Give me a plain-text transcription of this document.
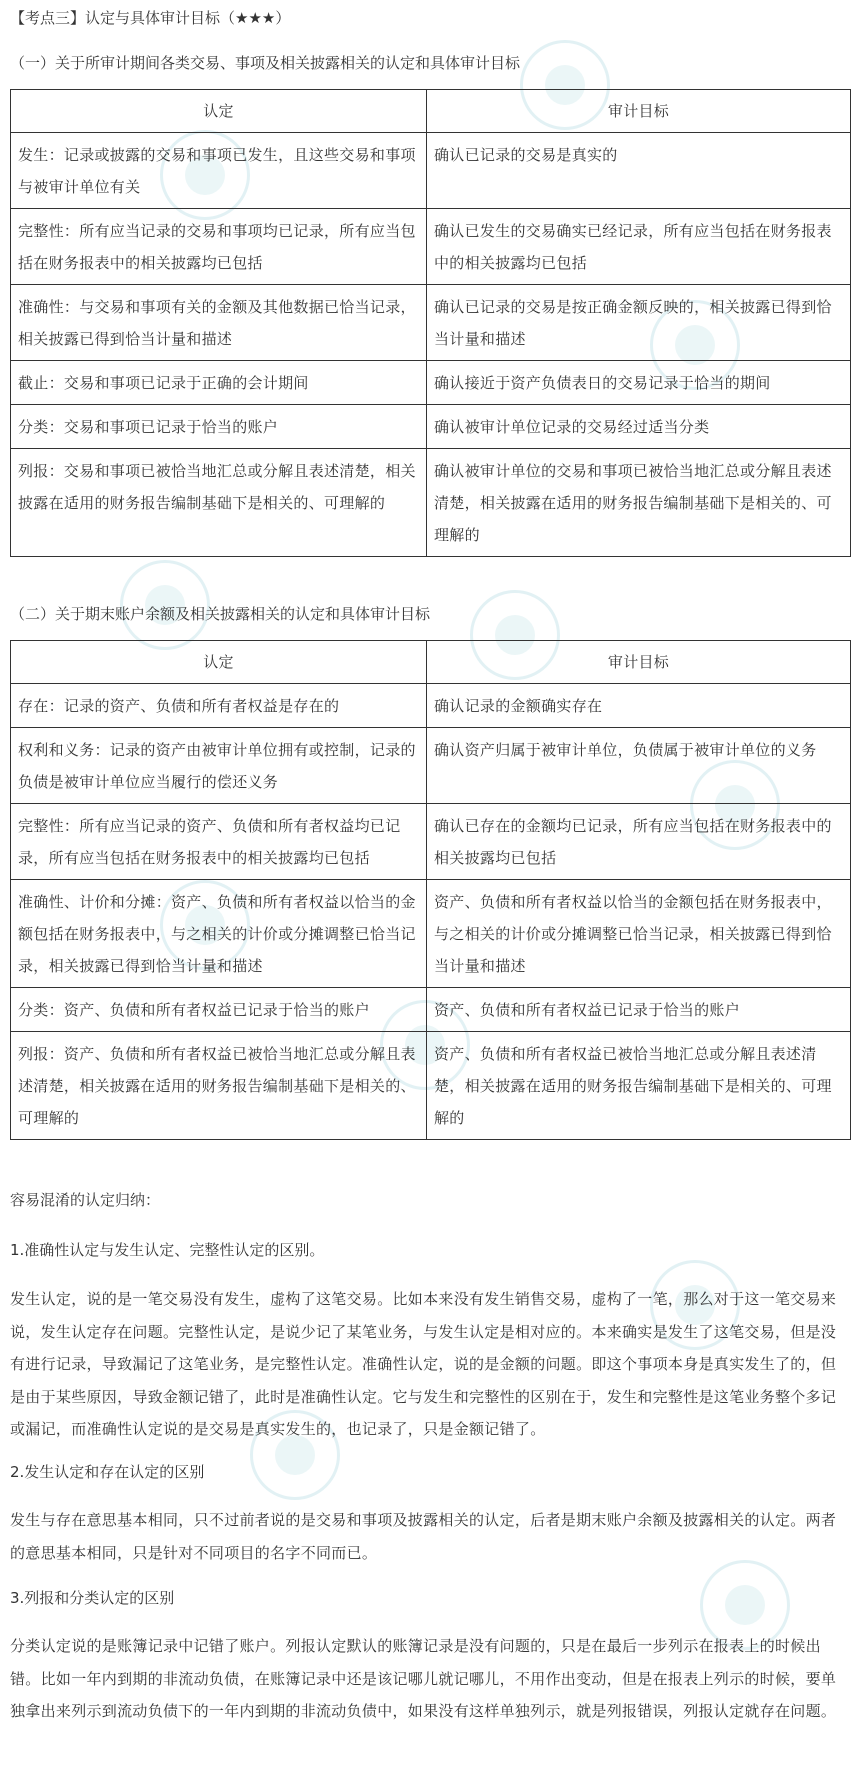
【考点三】认定与具体审计目标（★★★）
（一）关于所审计期间各类交易、事项及相关披露相关的认定和具体审计目标
认定	审计目标
发生：记录或披露的交易和事项已发生，且这些交易和事项与被审计单位有关	确认已记录的交易是真实的
完整性：所有应当记录的交易和事项均已记录，所有应当包括在财务报表中的相关披露均已包括	确认已发生的交易确实已经记录，所有应当包括在财务报表中的相关披露均已包括
准确性：与交易和事项有关的金额及其他数据已恰当记录，相关披露已得到恰当计量和描述	确认已记录的交易是按正确金额反映的，相关披露已得到恰当计量和描述
截止：交易和事项已记录于正确的会计期间	确认接近于资产负债表日的交易记录于恰当的期间
分类：交易和事项已记录于恰当的账户	确认被审计单位记录的交易经过适当分类
列报：交易和事项已被恰当地汇总或分解且表述清楚，相关披露在适用的财务报告编制基础下是相关的、可理解的	确认被审计单位的交易和事项已被恰当地汇总或分解且表述清楚，相关披露在适用的财务报告编制基础下是相关的、可理解的
（二）关于期末账户余额及相关披露相关的认定和具体审计目标
认定	审计目标
存在：记录的资产、负债和所有者权益是存在的	确认记录的金额确实存在
权利和义务：记录的资产由被审计单位拥有或控制，记录的负债是被审计单位应当履行的偿还义务	确认资产归属于被审计单位，负债属于被审计单位的义务
完整性：所有应当记录的资产、负债和所有者权益均已记录，所有应当包括在财务报表中的相关披露均已包括	确认已存在的金额均已记录，所有应当包括在财务报表中的相关披露均已包括
准确性、计价和分摊：资产、负债和所有者权益以恰当的金额包括在财务报表中，与之相关的计价或分摊调整已恰当记录，相关披露已得到恰当计量和描述	资产、负债和所有者权益以恰当的金额包括在财务报表中，与之相关的计价或分摊调整已恰当记录，相关披露已得到恰当计量和描述
分类：资产、负债和所有者权益已记录于恰当的账户	资产、负债和所有者权益已记录于恰当的账户
列报：资产、负债和所有者权益已被恰当地汇总或分解且表述清楚，相关披露在适用的财务报告编制基础下是相关的、可理解的	资产、负债和所有者权益已被恰当地汇总或分解且表述清楚，相关披露在适用的财务报告编制基础下是相关的、可理解的
容易混淆的认定归纳：
1.准确性认定与发生认定、完整性认定的区别。
发生认定，说的是一笔交易没有发生，虚构了这笔交易。比如本来没有发生销售交易，虚构了一笔，那么对于这一笔交易来说，发生认定存在问题。完整性认定，是说少记了某笔业务，与发生认定是相对应的。本来确实是发生了这笔交易，但是没有进行记录，导致漏记了这笔业务，是完整性认定。准确性认定，说的是金额的问题。即这个事项本身是真实发生了的，但是由于某些原因，导致金额记错了，此时是准确性认定。它与发生和完整性的区别在于，发生和完整性是这笔业务整个多记或漏记，而准确性认定说的是交易是真实发生的，也记录了，只是金额记错了。
2.发生认定和存在认定的区别
发生与存在意思基本相同，只不过前者说的是交易和事项及披露相关的认定，后者是期末账户余额及披露相关的认定。两者的意思基本相同，只是针对不同项目的名字不同而已。
3.列报和分类认定的区别
分类认定说的是账簿记录中记错了账户。列报认定默认的账簿记录是没有问题的，只是在最后一步列示在报表上的时候出错。比如一年内到期的非流动负债，在账簿记录中还是该记哪儿就记哪儿，不用作出变动，但是在报表上列示的时候，要单独拿出来列示到流动负债下的一年内到期的非流动负债中，如果没有这样单独列示，就是列报错误，列报认定就存在问题。
